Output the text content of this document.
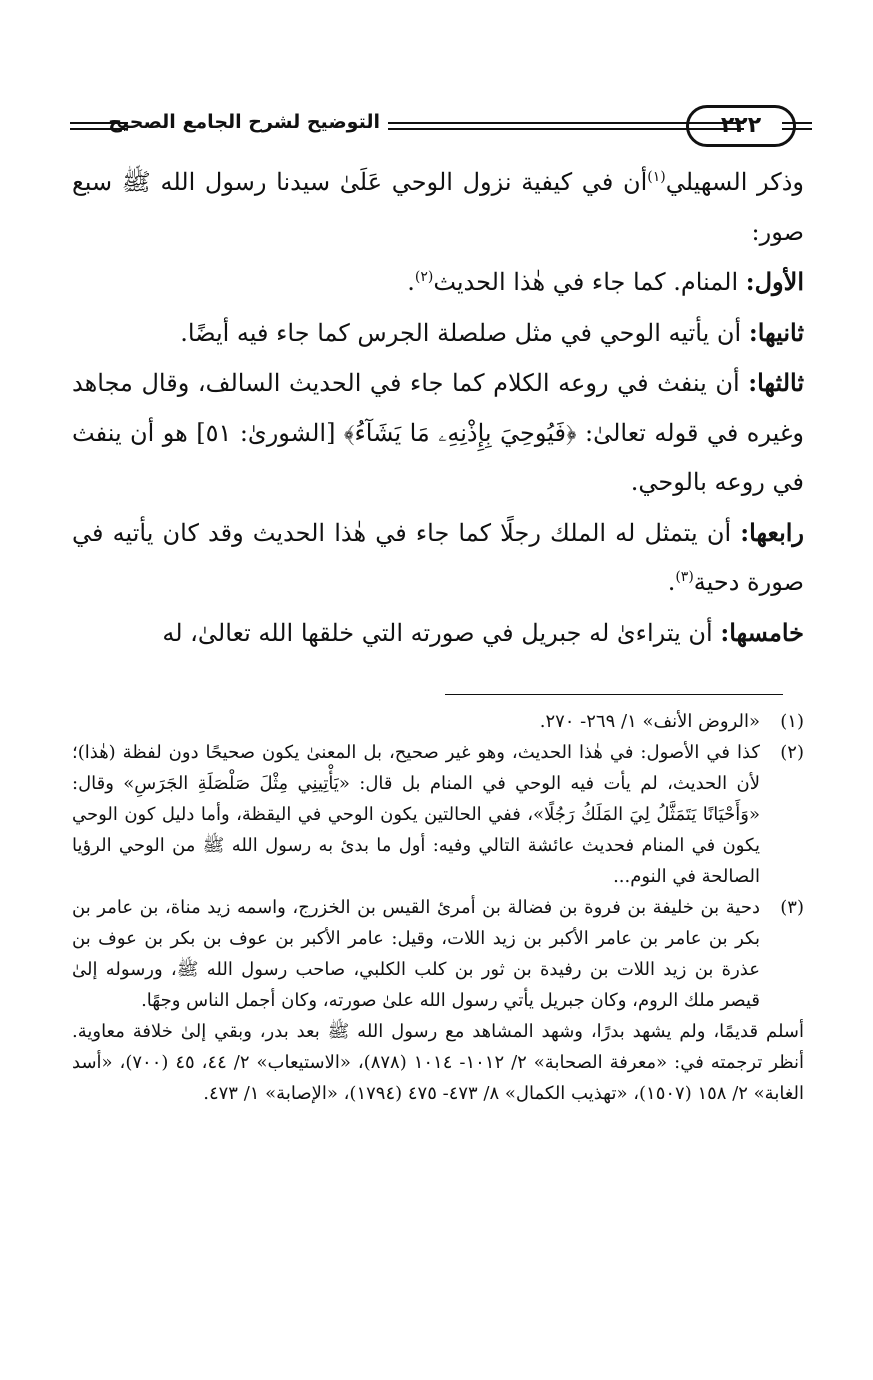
التوضيح لشرح الجامع الصحيح	٢٢٢

وذكر السهيلي$^{(١)}$أن في كيفية نزول الوحي عَلَىٰ سيدنا رسول الله ﷺ سبع صور:

الأول: المنام. كما جاء في هٰذا الحديث$^{(٢)}$.

ثانيها: أن يأتيه الوحي في مثل صلصلة الجرس كما جاء فيه أيضًا.

ثالثها: أن ينفث في روعه الكلام كما جاء في الحديث السالف، وقال مجاهد وغيره في قوله تعالىٰ: ﴿فَيُوحِيَ بِإِذْنِهِۦ مَا يَشَآءُ﴾ [الشورىٰ: ٥١] هو أن ينفث في روعه بالوحي.

رابعها: أن يتمثل له الملك رجلًا كما جاء في هٰذا الحديث وقد كان يأتيه في صورة دحية$^{(٣)}$.

خامسها: أن يتراءىٰ له جبريل في صورته التي خلقها الله تعالىٰ، له

(١)
«الروض الأنف» ١/ ٢٦٩- ٢٧٠.
(٢)
كذا في الأصول: في هٰذا الحديث، وهو غير صحيح، بل المعنىٰ يكون صحيحًا دون لفظة (هٰذا)؛ لأن الحديث، لم يأت فيه الوحي في المنام بل قال: «يَأْتِينِي مِثْلَ صَلْصَلَةِ الجَرَسِ» وقال: «وَأَحْيَانًا يَتَمَثَّلُ لِيَ المَلَكُ رَجُلًا»، ففي الحالتين يكون الوحي في اليقظة، وأما دليل كون الوحي يكون في المنام فحديث عائشة التالي وفيه: أول ما بدئ به رسول الله ﷺ من الوحي الرؤيا الصالحة في النوم...
(٣)
دحية بن خليفة بن فروة بن فضالة بن أمرئ القيس بن الخزرج، واسمه زيد مناة، بن عامر بن بكر بن عامر بن عامر الأكبر بن زيد اللات، وقيل: عامر الأكبر بن عوف بن بكر بن عوف بن عذرة بن زيد اللات بن رفيدة بن ثور بن كلب الكلبي، صاحب رسول الله ﷺ، ورسوله إلىٰ قيصر ملك الروم، وكان جبريل يأتي رسول الله علىٰ صورته، وكان أجمل الناس وجهًا.
أسلم قديمًا، ولم يشهد بدرًا، وشهد المشاهد مع رسول الله ﷺ بعد بدر، وبقي إلىٰ خلافة معاوية. أنظر ترجمته في: «معرفة الصحابة» ٢/ ١٠١٢- ١٠١٤ (٨٧٨)، «الاستيعاب» ٢/ ٤٤، ٤٥ (٧٠٠)، «أسد الغابة» ٢/ ١٥٨ (١٥٠٧)، «تهذيب الكمال» ٨/ ٤٧٣- ٤٧٥ (١٧٩٤)، «الإصابة» ١/ ٤٧٣.
